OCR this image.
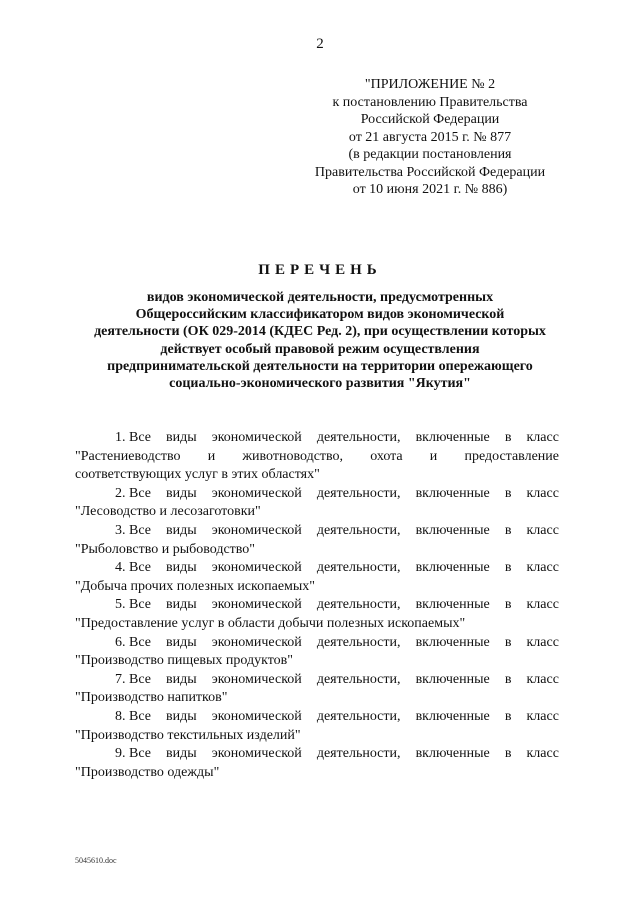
2
"ПРИЛОЖЕНИЕ № 2
к постановлению Правительства
Российской Федерации
от 21 августа 2015 г. № 877
(в редакции постановления
Правительства Российской Федерации
от 10 июня 2021 г. № 886)
ПЕРЕЧЕНЬ
видов экономической деятельности, предусмотренных
Общероссийским классификатором видов экономической
деятельности (ОК 029-2014 (КДЕС Ред. 2), при осуществлении которых
действует особый правовой режим осуществления
предпринимательской деятельности на территории опережающего
социально-экономического развития "Якутия"
1. Все виды экономической деятельности, включенные в класс
"Растениеводство и животноводство, охота и предоставление
соответствующих услуг в этих областях"
2. Все виды экономической деятельности, включенные в класс
"Лесоводство и лесозаготовки"
3. Все виды экономической деятельности, включенные в класс
"Рыболовство и рыбоводство"
4. Все виды экономической деятельности, включенные в класс
"Добыча прочих полезных ископаемых"
5. Все виды экономической деятельности, включенные в класс
"Предоставление услуг в области добычи полезных ископаемых"
6. Все виды экономической деятельности, включенные в класс
"Производство пищевых продуктов"
7. Все виды экономической деятельности, включенные в класс
"Производство напитков"
8. Все виды экономической деятельности, включенные в класс
"Производство текстильных изделий"
9. Все виды экономической деятельности, включенные в класс
"Производство одежды"
5045610.doc
